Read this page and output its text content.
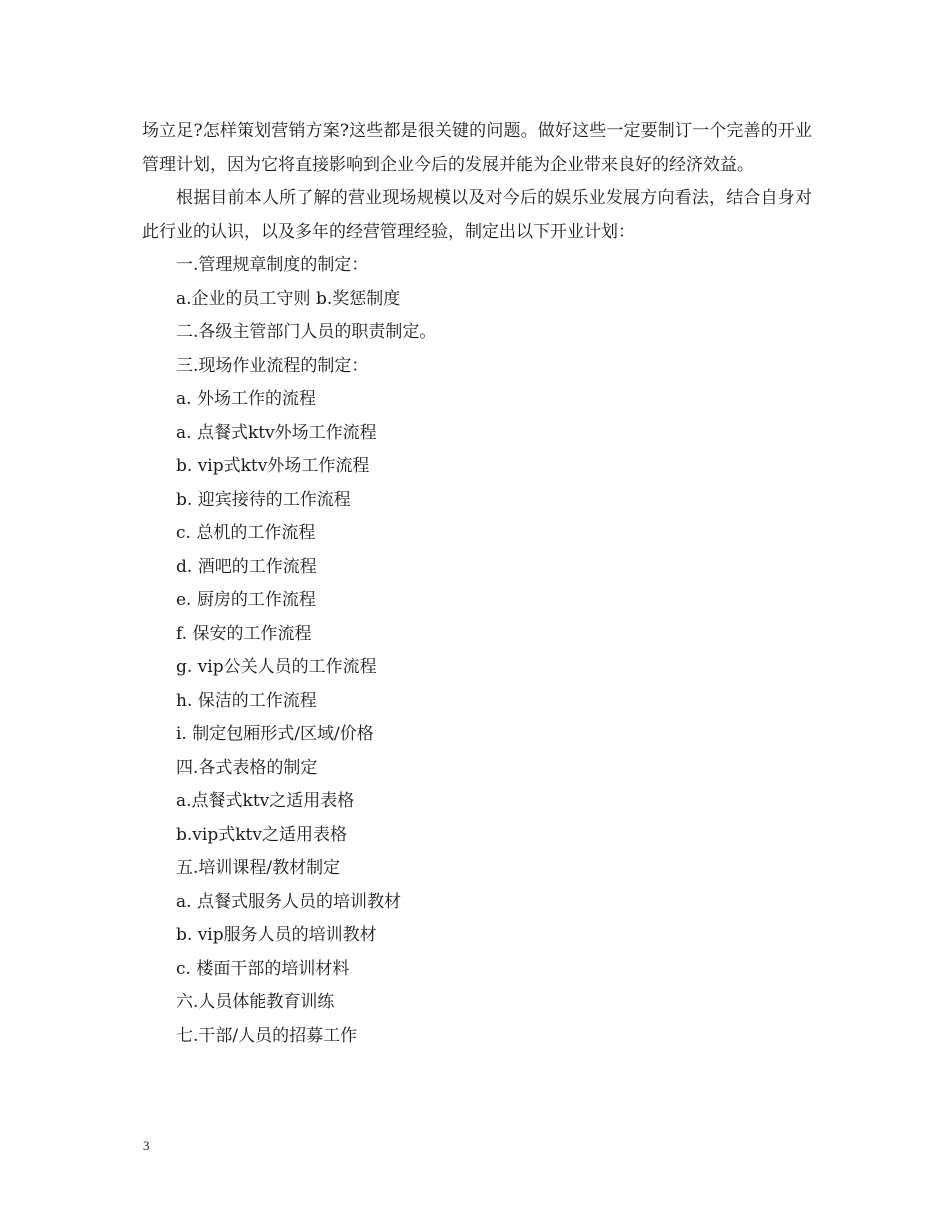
场立足?怎样策划营销方案?这些都是很关键的问题。做好这些一定要制订一个完善的开业管理计划，因为它将直接影响到企业今后的发展并能为企业带来良好的经济效益。

根据目前本人所了解的营业现场规模以及对今后的娱乐业发展方向看法，结合自身对此行业的认识，以及多年的经营管理经验，制定出以下开业计划：

一.管理规章制度的制定：

a.企业的员工守则 b.奖惩制度

二.各级主管部门人员的职责制定。

三.现场作业流程的制定：

a. 外场工作的流程

a. 点餐式ktv外场工作流程

b. vip式ktv外场工作流程

b. 迎宾接待的工作流程

c. 总机的工作流程

d. 酒吧的工作流程

e. 厨房的工作流程

f. 保安的工作流程

g. vip公关人员的工作流程

h. 保洁的工作流程

i. 制定包厢形式/区域/价格

四.各式表格的制定

a.点餐式ktv之适用表格

b.vip式ktv之适用表格

五.培训课程/教材制定

a. 点餐式服务人员的培训教材

b. vip服务人员的培训教材

c. 楼面干部的培训材料

六.人员体能教育训练

七.干部/人员的招募工作

3
